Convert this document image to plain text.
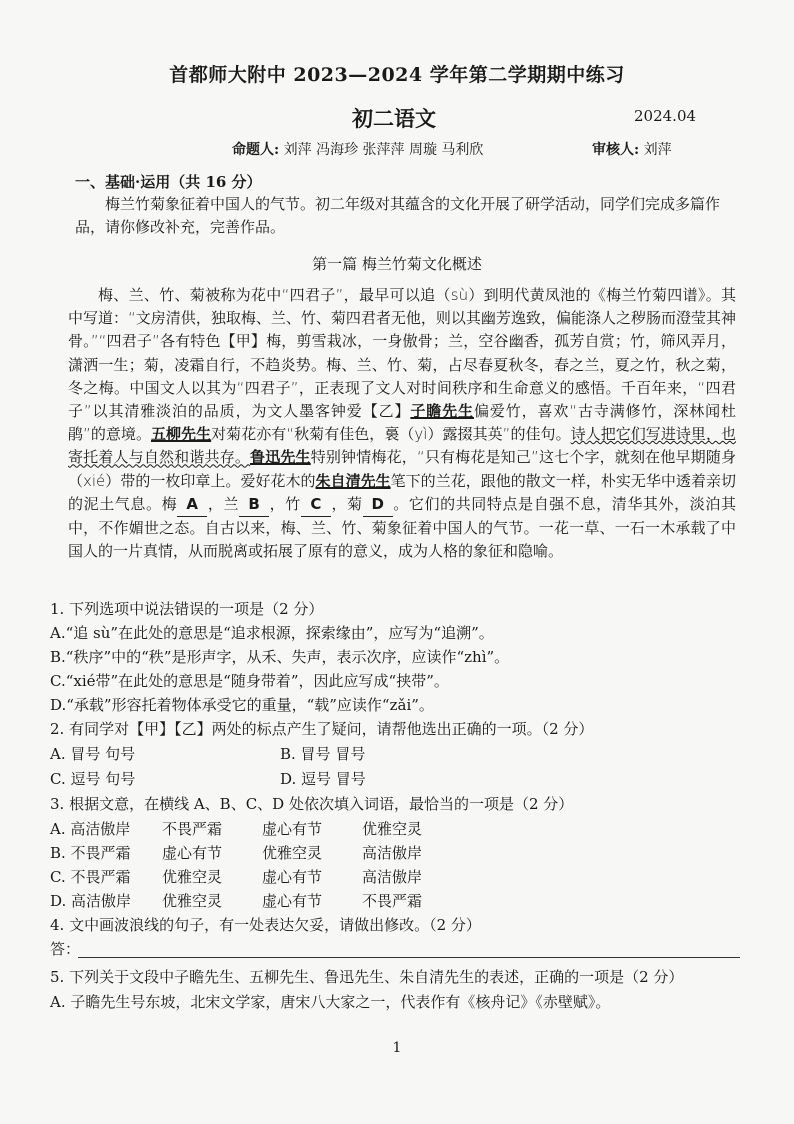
首都师大附中 2023—2024 学年第二学期期中练习
初二语文	2024.04
命题人: 刘萍 冯海珍 张萍萍 周璇 马利欣	审核人: 刘萍
一、基础·运用（共 16 分）
梅兰竹菊象征着中国人的气节。初二年级对其蕴含的文化开展了研学活动，同学们完成多篇作品，请你修改补充，完善作品。
第一篇 梅兰竹菊文化概述
梅、兰、竹、菊被称为花中“四君子”，最早可以追（sù）到明代黄凤池的《梅兰竹菊四谱》。其中写道：“文房清供，独取梅、兰、竹、菊四君者无他，则以其幽芳逸致，偏能涤人之秽肠而澄莹其神骨。”“四君子”各有特色【甲】梅，剪雪栽冰，一身傲骨；兰，空谷幽香，孤芳自赏；竹，筛风弄月，潇洒一生；菊，凌霜自行，不趋炎势。梅、兰、竹、菊，占尽春夏秋冬，春之兰，夏之竹，秋之菊，冬之梅。中国文人以其为“四君子”，正表现了文人对时间秩序和生命意义的感悟。千百年来，“四君子”以其清雅淡泊的品质，为文人墨客钟爱【乙】子瞻先生偏爱竹，喜欢“古寺满修竹，深林闻杜鹃”的意境。五柳先生对菊花亦有“秋菊有佳色，裛（yì）露掇其英”的佳句。诗人把它们写进诗里，也寄托着人与自然和谐共存。鲁迅先生特别钟情梅花，“只有梅花是知己”这七个字，就刻在他早期随身（xié）带的一枚印章上。爱好花木的朱自清先生笔下的兰花，跟他的散文一样，朴实无华中透着亲切的泥土气息。梅 A ，兰 B ，竹 C ，菊 D 。它们的共同特点是自强不息，清华其外，淡泊其中，不作媚世之态。自古以来，梅、兰、竹、菊象征着中国人的气节。一花一草、一石一木承载了中国人的一片真情，从而脱离或拓展了原有的意义，成为人格的象征和隐喻。
1. 下列选项中说法错误的一项是（2 分）
A.“追 sù”在此处的意思是“追求根源，探索缘由”，应写为“追溯”。
B.“秩序”中的“秩”是形声字，从禾、失声，表示次序，应读作“zhì”。
C.“xié带”在此处的意思是“随身带着”，因此应写成“挟带”。
D.“承载”形容托着物体承受它的重量，“载”应读作“zǎi”。
2. 有同学对【甲】【乙】两处的标点产生了疑问，请帮他选出正确的一项。（2 分）
A. 冒号 句号	B. 冒号 冒号
C. 逗号 句号	D. 逗号 冒号
3. 根据文意，在横线 A、B、C、D 处依次填入词语，最恰当的一项是（2 分）
A. 高洁傲岸 不畏严霜	虚心有节	优雅空灵
B. 不畏严霜 虚心有节	优雅空灵	高洁傲岸
C. 不畏严霜 优雅空灵	虚心有节	高洁傲岸
D. 高洁傲岸 优雅空灵	虚心有节	不畏严霜
4. 文中画波浪线的句子，有一处表达欠妥，请做出修改。（2 分）
答：
5. 下列关于文段中子瞻先生、五柳先生、鲁迅先生、朱自清先生的表述，正确的一项是（2 分）
A. 子瞻先生号东坡，北宋文学家，唐宋八大家之一，代表作有《核舟记》《赤壁赋》。
1
